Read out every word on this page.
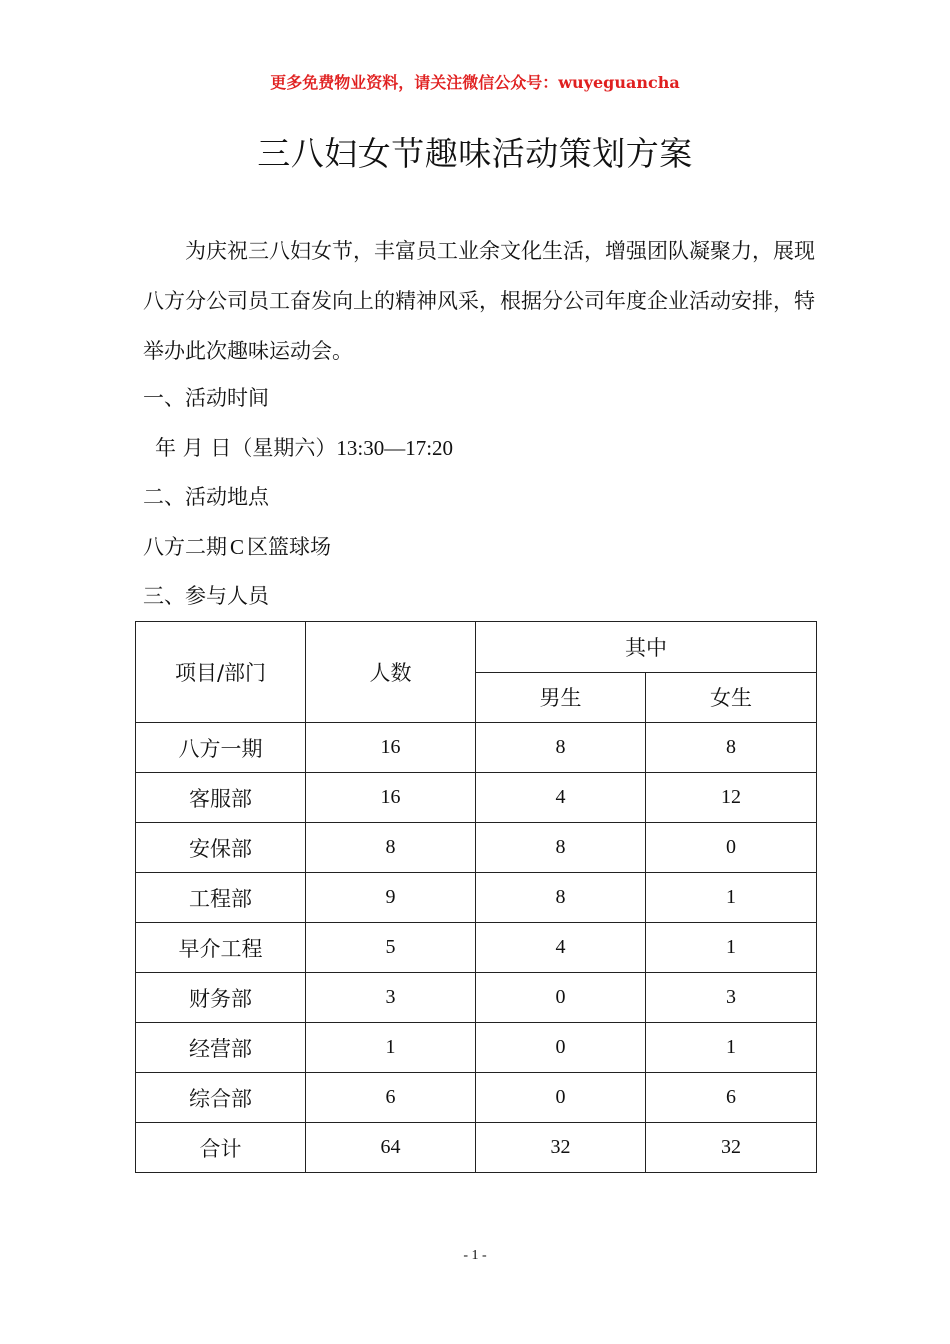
更多免费物业资料，请关注微信公众号：wuyeguancha
三八妇女节趣味活动策划方案

为庆祝三八妇女节，丰富员工业余文化生活，增强团队凝聚力，展现八方分公司员工奋发向上的精神风采，根据分公司年度企业活动安排，特举办此次趣味运动会。

一、活动时间

年 月 日（星期六）13:30—17:20

二、活动地点

八方二期 C 区篮球场

三、参与人员

项目/部门	人数	其中	
		男生	女生
八方一期	16	8	8
客服部	16	4	12
安保部	8	8	0
工程部	9	8	1
早介工程	5	4	1
财务部	3	0	3
经营部	1	0	1
综合部	6	0	6
合计	64	32	32
- 1 -
